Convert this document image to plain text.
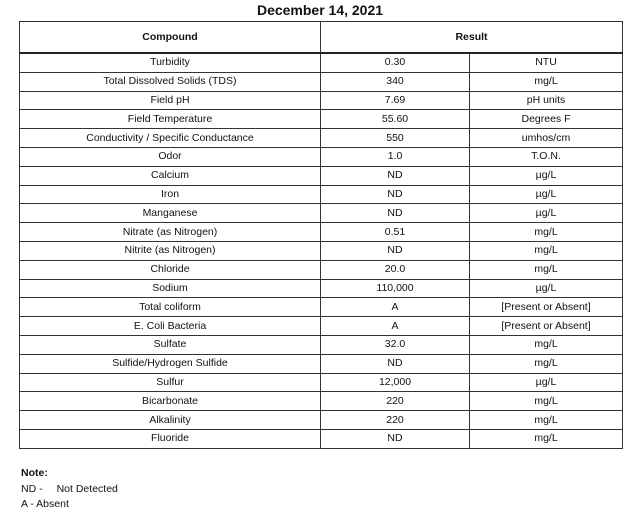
December 14, 2021
Compound	Result	
Turbidity	0.30	NTU
Total Dissolved Solids (TDS)	340	mg/L
Field pH	7.69	pH units
Field Temperature	55.60	Degrees F
Conductivity / Specific Conductance	550	umhos/cm
Odor	1.0	T.O.N.
Calcium	ND	µg/L
Iron	ND	µg/L
Manganese	ND	µg/L
Nitrate (as Nitrogen)	0.51	mg/L
Nitrite (as Nitrogen)	ND	mg/L
Chloride	20.0	mg/L
Sodium	110,000	µg/L
Total coliform	A	[Present or Absent]
E. Coli Bacteria	A	[Present or Absent]
Sulfate	32.0	mg/L
Sulfide/Hydrogen Sulfide	ND	mg/L
Sulfur	12,000	µg/L
Bicarbonate	220	mg/L
Alkalinity	220	mg/L
Fluoride	ND	mg/L
Note:
ND - Not Detected
A - Absent
